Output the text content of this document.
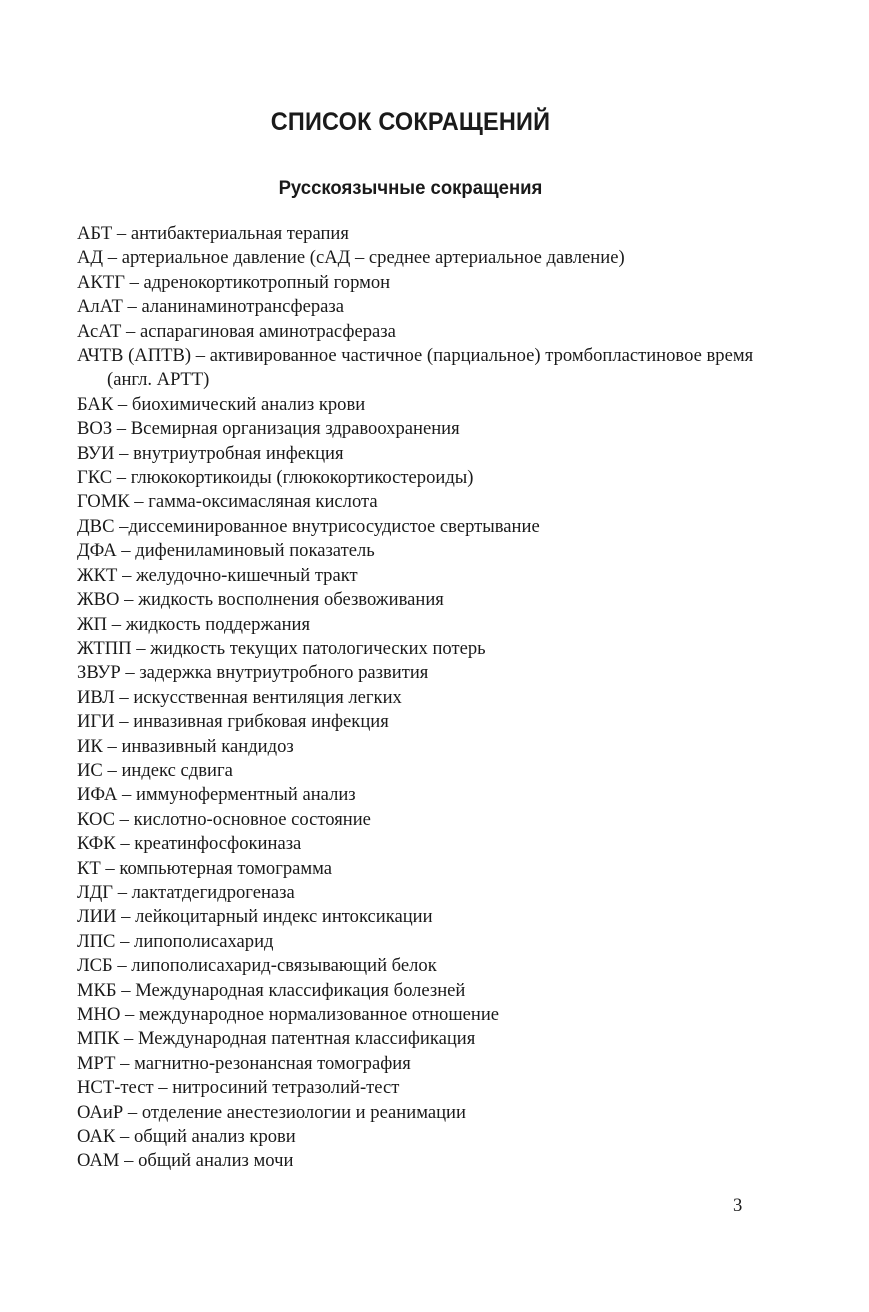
СПИСОК СОКРАЩЕНИЙ
Русскоязычные сокращения
АБТ – антибактериальная терапия
АД – артериальное давление (сАД – среднее артериальное давление)
АКТГ – адренокортикотропный гормон
АлАТ – аланинаминотрансфераза
АсАТ – аспарагиновая аминотрасфераза
АЧТВ (АПТВ) – активированное частичное (парциальное) тромбопластиновое время (англ. APTT)
БАК – биохимический анализ крови
ВОЗ – Всемирная организация здравоохранения
ВУИ – внутриутробная инфекция
ГКС – глюкокортикоиды (глюкокортикостероиды)
ГОМК – гамма-оксимасляная кислота
ДВС –диссеминированное внутрисосудистое свертывание
ДФА – дифениламиновый показатель
ЖКТ – желудочно-кишечный тракт
ЖВО – жидкость восполнения обезвоживания
ЖП – жидкость поддержания
ЖТПП – жидкость текущих патологических потерь
ЗВУР – задержка внутриутробного развития
ИВЛ – искусственная вентиляция легких
ИГИ – инвазивная грибковая инфекция
ИК – инвазивный кандидоз
ИС – индекс сдвига
ИФА – иммуноферментный анализ
КОС – кислотно-основное состояние
КФК – креатинфосфокиназа
КТ – компьютерная томограмма
ЛДГ – лактатдегидрогеназа
ЛИИ – лейкоцитарный индекс интоксикации
ЛПС – липополисахарид
ЛСБ – липополисахарид-связывающий белок
МКБ – Международная классификация болезней
МНО – международное нормализованное отношение
МПК – Международная патентная классификация
МРТ – магнитно-резонансная томография
НСТ-тест – нитросиний тетразолий-тест
ОАиР – отделение анестезиологии и реанимации
ОАК – общий анализ крови
ОАМ – общий анализ мочи
3
